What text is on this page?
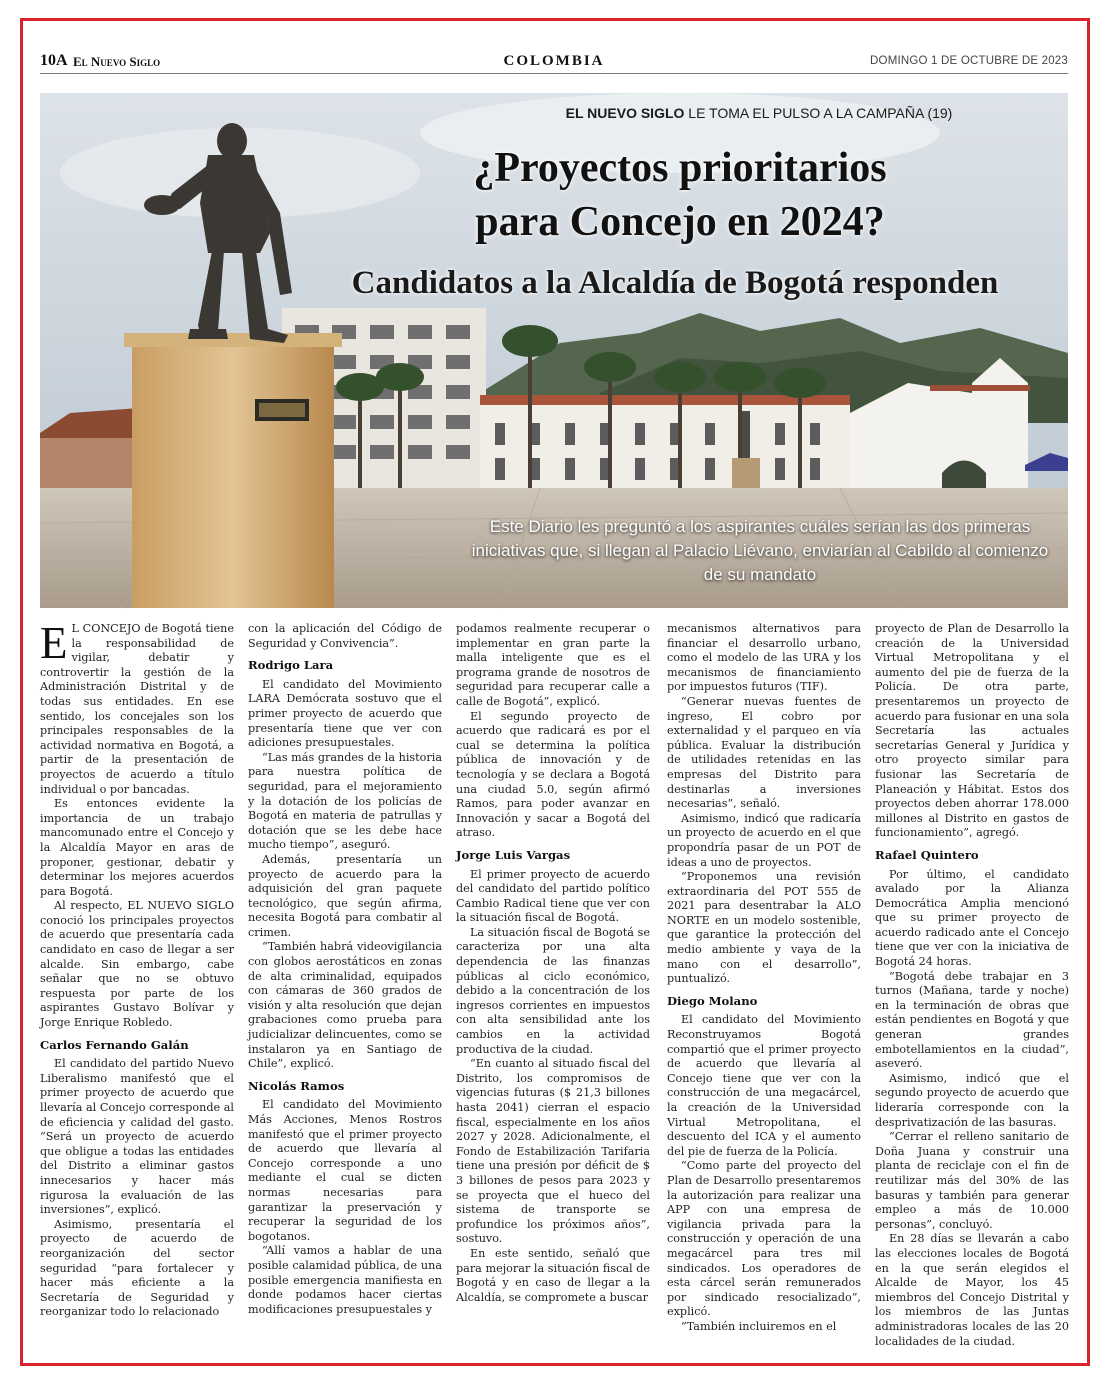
10A El Nuevo Siglo	COLOMBIA	DOMINGO 1 DE OCTUBRE DE 2023
EL NUEVO SIGLO LE TOMA EL PULSO A LA CAMPAÑA (19)
¿Proyectos prioritarios
para Concejo en 2024?
Candidatos a la Alcaldía de Bogotá responden

Este Diario les preguntó a los aspirantes cuáles serían las dos primeras iniciativas que, si llegan al Palacio Liévano, enviarían al Cabildo al comienzo de su mandato

E L CONCEJO de Bogotá tiene la responsabilidad de vigilar, debatir y controvertir la gestión de la Administración Distrital y de todas sus entidades. En ese sentido, los concejales son los principales responsables de la actividad normativa en Bogotá, a partir de la presentación de proyectos de acuerdo a título individual o por bancadas.

Es entonces evidente la importancia de un trabajo mancomunado entre el Concejo y la Alcaldía Mayor en aras de proponer, gestionar, debatir y determinar los mejores acuerdos para Bogotá.

Al respecto, EL NUEVO SIGLO conoció los principales proyectos de acuerdo que presentaría cada candidato en caso de llegar a ser alcalde. Sin embargo, cabe señalar que no se obtuvo respuesta por parte de los aspirantes Gustavo Bolívar y Jorge Enrique Robledo.

Carlos Fernando Galán

El candidato del partido Nuevo Liberalismo manifestó que el primer proyecto de acuerdo que llevaría al Concejo corresponde al de eficiencia y calidad del gasto. “Será un proyecto de acuerdo que obligue a todas las entidades del Distrito a eliminar gastos innecesarios y hacer más rigurosa la evaluación de las inversiones”, explicó.

Asimismo, presentaría el proyecto de acuerdo de reorganización del sector seguridad “para fortalecer y hacer más eficiente a la Secretaría de Seguridad y reorganizar todo lo relacionado

con la aplicación del Código de Seguridad y Convivencia”.

Rodrigo Lara

El candidato del Movimiento LARA Demócrata sostuvo que el primer proyecto de acuerdo que presentaría tiene que ver con adiciones presupuestales.

“Las más grandes de la historia para nuestra política de seguridad, para el mejoramiento y la dotación de los policías de Bogotá en materia de patrullas y dotación que se les debe hace mucho tiempo”, aseguró.

Además, presentaría un proyecto de acuerdo para la adquisición del gran paquete tecnológico, que según afirma, necesita Bogotá para combatir al crimen.

“También habrá videovigilancia con globos aerostáticos en zonas de alta criminalidad, equipados con cámaras de 360 grados de visión y alta resolución que dejan grabaciones como prueba para judicializar delincuentes, como se instalaron ya en Santiago de Chile”, explicó.

Nicolás Ramos

El candidato del Movimiento Más Acciones, Menos Rostros manifestó que el primer proyecto de acuerdo que llevaría al Concejo corresponde a uno mediante el cual se dicten normas necesarias para garantizar la preservación y recuperar la seguridad de los bogotanos.

“Allí vamos a hablar de una posible calamidad pública, de una posible emergencia manifiesta en donde podamos hacer ciertas modificaciones presupuestales y

podamos realmente recuperar o implementar en gran parte la malla inteligente que es el programa grande de nosotros de seguridad para recuperar calle a calle de Bogotá”, explicó.

El segundo proyecto de acuerdo que radicará es por el cual se determina la política pública de innovación y de tecnología y se declara a Bogotá una ciudad 5.0, según afirmó Ramos, para poder avanzar en Innovación y sacar a Bogotá del atraso.

Jorge Luis Vargas

El primer proyecto de acuerdo del candidato del partido político Cambio Radical tiene que ver con la situación fiscal de Bogotá.

La situación fiscal de Bogotá se caracteriza por una alta dependencia de las finanzas públicas al ciclo económico, debido a la concentración de los ingresos corrientes en impuestos con alta sensibilidad ante los cambios en la actividad productiva de la ciudad.

“En cuanto al situado fiscal del Distrito, los compromisos de vigencias futuras ($ 21,3 billones hasta 2041) cierran el espacio fiscal, especialmente en los años 2027 y 2028. Adicionalmente, el Fondo de Estabilización Tarifaria tiene una presión por déficit de $ 3 billones de pesos para 2023 y se proyecta que el hueco del sistema de transporte se profundice los próximos años”, sostuvo.

En este sentido, señaló que para mejorar la situación fiscal de Bogotá y en caso de llegar a la Alcaldía, se compromete a buscar

mecanismos alternativos para financiar el desarrollo urbano, como el modelo de las URA y los mecanismos de financiamiento por impuestos futuros (TIF).

“Generar nuevas fuentes de ingreso, El cobro por externalidad y el parqueo en vía pública. Evaluar la distribución de utilidades retenidas en las empresas del Distrito para destinarlas a inversiones necesarias”, señaló.

Asimismo, indicó que radicaría un proyecto de acuerdo en el que propondría pasar de un POT de ideas a uno de proyectos.

“Proponemos una revisión extraordinaria del POT 555 de 2021 para desentrabar la ALO NORTE en un modelo sostenible, que garantice la protección del medio ambiente y vaya de la mano con el desarrollo”, puntualizó.

Diego Molano

El candidato del Movimiento Reconstruyamos Bogotá compartió que el primer proyecto de acuerdo que llevaría al Concejo tiene que ver con la construcción de una megacárcel, la creación de la Universidad Virtual Metropolitana, el descuento del ICA y el aumento del pie de fuerza de la Policía.

“Como parte del proyecto del Plan de Desarrollo presentaremos la autorización para realizar una APP con una empresa de vigilancia privada para la construcción y operación de una megacárcel para tres mil sindicados. Los operadores de esta cárcel serán remunerados por sindicado resocializado”, explicó.

“También incluiremos en el

proyecto de Plan de Desarrollo la creación de la Universidad Virtual Metropolitana y el aumento del pie de fuerza de la Policía. De otra parte, presentaremos un proyecto de acuerdo para fusionar en una sola Secretaría las actuales secretarías General y Jurídica y otro proyecto similar para fusionar las Secretaría de Planeación y Hábitat. Estos dos proyectos deben ahorrar 178.000 millones al Distrito en gastos de funcionamiento”, agregó.

Rafael Quintero

Por último, el candidato avalado por la Alianza Democrática Amplia mencionó que su primer proyecto de acuerdo radicado ante el Concejo tiene que ver con la iniciativa de Bogotá 24 horas.

“Bogotá debe trabajar en 3 turnos (Mañana, tarde y noche) en la terminación de obras que están pendientes en Bogotá y que generan grandes embotellamientos en la ciudad”, aseveró.

Asimismo, indicó que el segundo proyecto de acuerdo que lideraría corresponde con la desprivatización de las basuras.

“Cerrar el relleno sanitario de Doña Juana y construir una planta de reciclaje con el fin de reutilizar más del 30% de las basuras y también para generar empleo a más de 10.000 personas”, concluyó.

En 28 días se llevarán a cabo las elecciones locales de Bogotá en la que serán elegidos el Alcalde de Mayor, los 45 miembros del Concejo Distrital y los miembros de las Juntas administradoras locales de las 20 localidades de la ciudad.
